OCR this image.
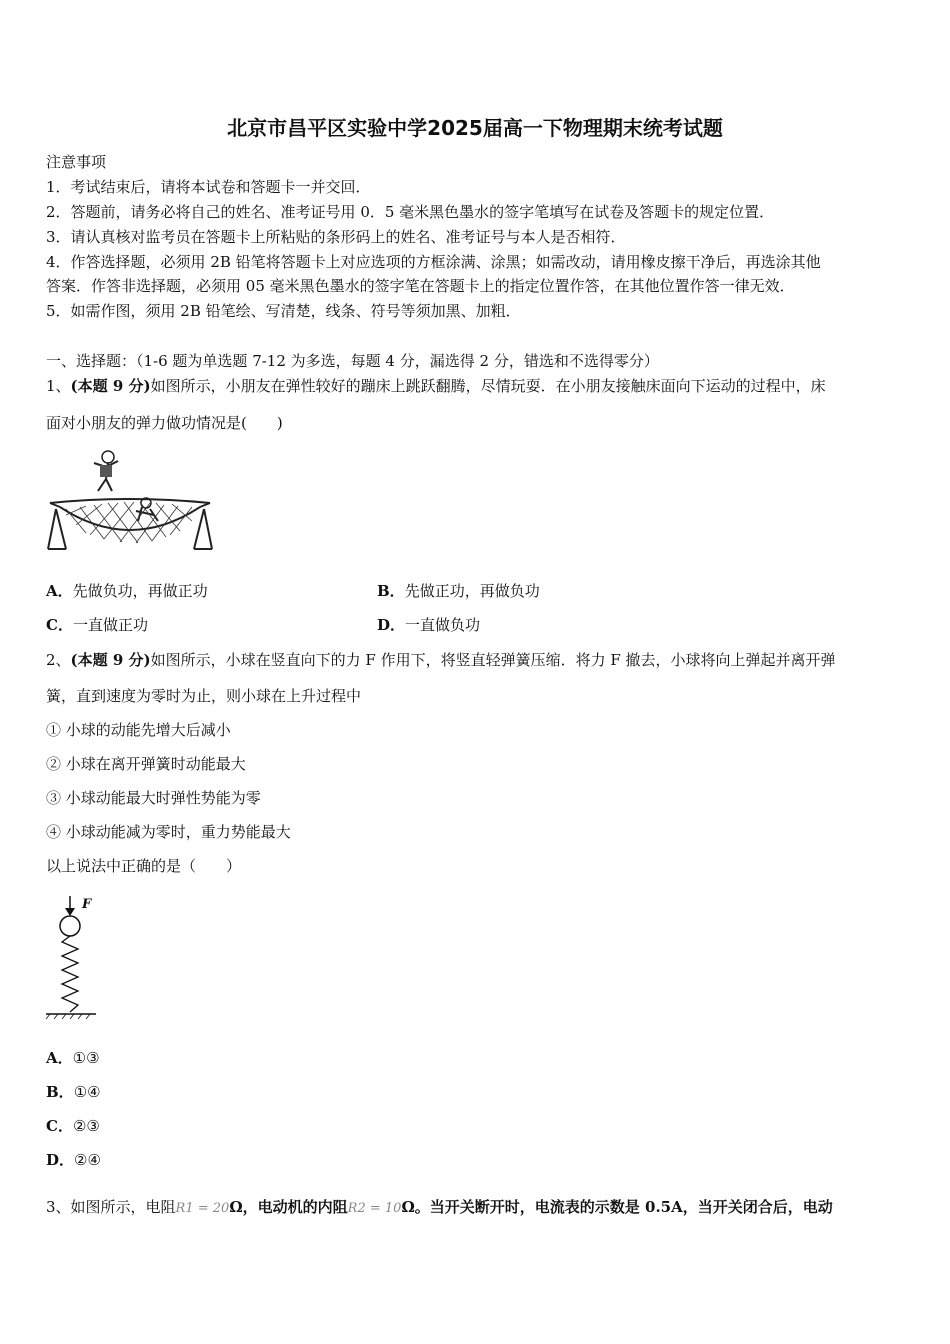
北京市昌平区实验中学2025届高一下物理期末统考试题
注意事项
1．考试结束后，请将本试卷和答题卡一并交回．
2．答题前，请务必将自己的姓名、准考证号用 0．5 毫米黑色墨水的签字笔填写在试卷及答题卡的规定位置．
3．请认真核对监考员在答题卡上所粘贴的条形码上的姓名、准考证号与本人是否相符．
4．作答选择题，必须用 2B 铅笔将答题卡上对应选项的方框涂满、涂黑；如需改动，请用橡皮擦干净后，再选涂其他
答案．作答非选择题，必须用 05 毫米黑色墨水的签字笔在答题卡上的指定位置作答，在其他位置作答一律无效．
5．如需作图，须用 2B 铅笔绘、写清楚，线条、符号等须加黑、加粗．
一、选择题：（1-6 题为单选题 7-12 为多选，每题 4 分，漏选得 2 分，错选和不选得零分）
1、(本题 9 分)如图所示，小朋友在弹性较好的蹦床上跳跃翻腾，尽情玩耍．在小朋友接触床面向下运动的过程中，床
面对小朋友的弹力做功情况是(　　)
A．先做负功，再做正功	B．先做正功，再做负功
C．一直做正功	D．一直做负功
2、(本题 9 分)如图所示，小球在竖直向下的力 F 作用下，将竖直轻弹簧压缩．将力 F 撤去，小球将向上弹起并离开弹
簧，直到速度为零时为止，则小球在上升过程中
① 小球的动能先增大后减小
② 小球在离开弹簧时动能最大
③ 小球动能最大时弹性势能为零
④ 小球动能减为零时，重力势能最大
以上说法中正确的是（　　）
F
A．①③
B．①④
C．②③
D．②④
3、如图所示，电阻𝑅1 = 20Ω，电动机的内阻𝑅2 = 10Ω。当开关断开时，电流表的示数是 0.5A，当开关闭合后，电动
